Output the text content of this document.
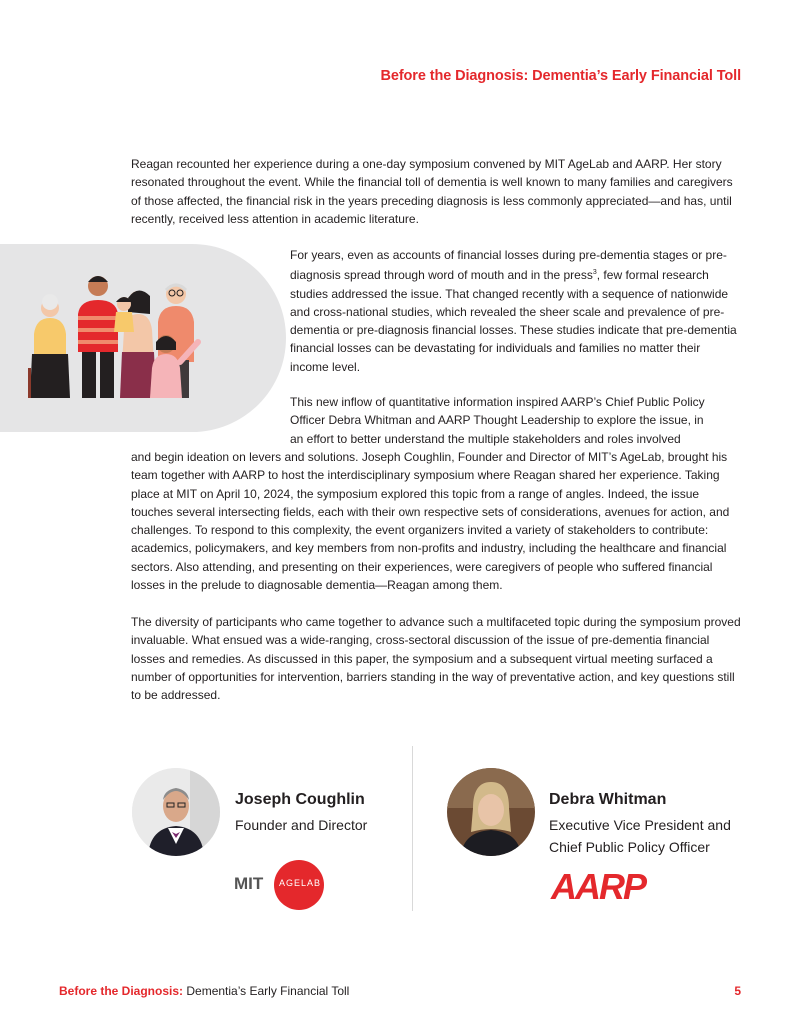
Before the Diagnosis: Dementia’s Early Financial Toll

Reagan recounted her experience during a one-day symposium convened by MIT AgeLab and AARP. Her story resonated throughout the event. While the financial toll of dementia is well known to many families and caregivers of those affected, the financial risk in the years preceding diagnosis is less commonly appreciated—and has, until recently, received less attention in academic literature.

For years, even as accounts of financial losses during pre-dementia stages or pre-diagnosis spread through word of mouth and in the press$^3$, few formal research studies addressed the issue. That changed recently with a sequence of nationwide and cross-national studies, which revealed the sheer scale and prevalence of pre-dementia or pre-diagnosis financial losses. These studies indicate that pre-dementia financial losses can be devastating for individuals and families no matter their income level.

This new inflow of quantitative information inspired AARP’s Chief Public Policy
Officer Debra Whitman and AARP Thought Leadership to explore the issue, in
an effort to better understand the multiple stakeholders and roles involved

and begin ideation on levers and solutions. Joseph Coughlin, Founder and Director of MIT’s AgeLab, brought his team together with AARP to host the interdisciplinary symposium where Reagan shared her experience. Taking place at MIT on April 10, 2024, the symposium explored this topic from a range of angles. Indeed, the issue touches several intersecting fields, each with their own respective sets of considerations, avenues for action, and challenges. To respond to this complexity, the event organizers invited a variety of stakeholders to contribute: academics, policymakers, and key members from non-profits and industry, including the healthcare and financial sectors. Also attending, and presenting on their experiences, were caregivers of people who suffered financial losses in the prelude to diagnosable dementia—Reagan among them.

The diversity of participants who came together to advance such a multifaceted topic during the symposium proved invaluable. What ensued was a wide-ranging, cross-sectoral discussion of the issue of pre-dementia financial losses and remedies. As discussed in this paper, the symposium and a subsequent virtual meeting surfaced a number of opportunities for intervention, barriers standing in the way of preventative action, and key questions still to be addressed.

Joseph Coughlin
Founder and Director
MIT AGELAB
Debra Whitman
Executive Vice President and
Chief Public Policy Officer
AARP
Before the Diagnosis: Dementia’s Early Financial Toll	5
